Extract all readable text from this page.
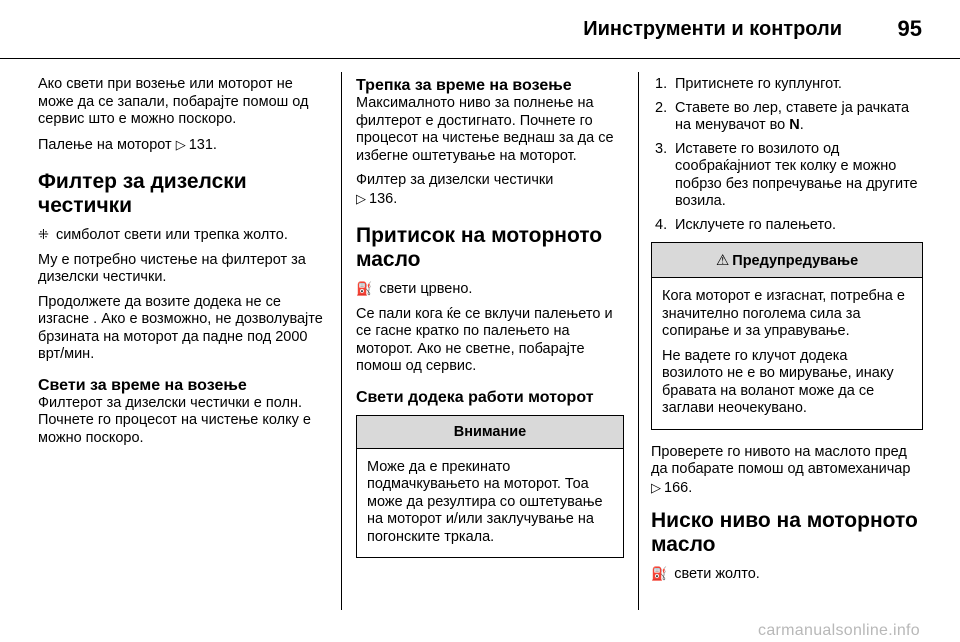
Иинструменти и контроли	95

Ако свети при возење или моторот не може да се запали, побарајте помош од сервис што е можно поскоро.

Палење на моторот ▷ 131.

Филтер за дизелски честички

⁜ симболот свети или трепка жолто.

Му е потребно чистење на филтерот за дизелски честички.

Продолжете да возите додека не се изгасне . Ако е возможно, не дозволувајте брзината на моторот да падне под 2000 врт/мин.

Свети за време на возење

Филтерот за дизелски честички е полн. Почнете го процесот на чистење колку е можно поскоро.

Трепка за време на возење

Максималното ниво за полнење на филтерот е достигнато. Почнете го процесот на чистење веднаш за да се избегне оштетување на моторот.

Филтер за дизелски честички
▷ 136.

Притисок на моторното масло

⛽ свети црвено.

Се пали кога ќе се вклучи палењето и се гасне кратко по палењето на моторот. Ако не светне, побарајте помош од сервис.

Свети додека работи моторот
Внимание

Може да е прекинато подмачкувањето на моторот. Тоа може да резултира со оштетување на моторот и/или заклучување на погонските тркала.

1. Притиснете го куплунгот.
2. Ставете во лер, ставете ја рачката на менувачот во N.
3. Иставете го возилото од сообраќајниот тек колку е можно побрзо без попречување на другите возила.
4. Исклучете го палењето.
⚠ Предупредување

Кога моторот е изгаснат, потребна е значително поголема сила за сопирање и за управување.

Не вадете го клучот додека возилото не е во мирување, инаку бравата на воланот може да се заглави неочекувано.

Проверете го нивото на маслото пред да побарате помош од автомеханичар ▷ 166.

Ниско ниво на моторното масло

⛽ свети жолто.

carmanualsonline.info
